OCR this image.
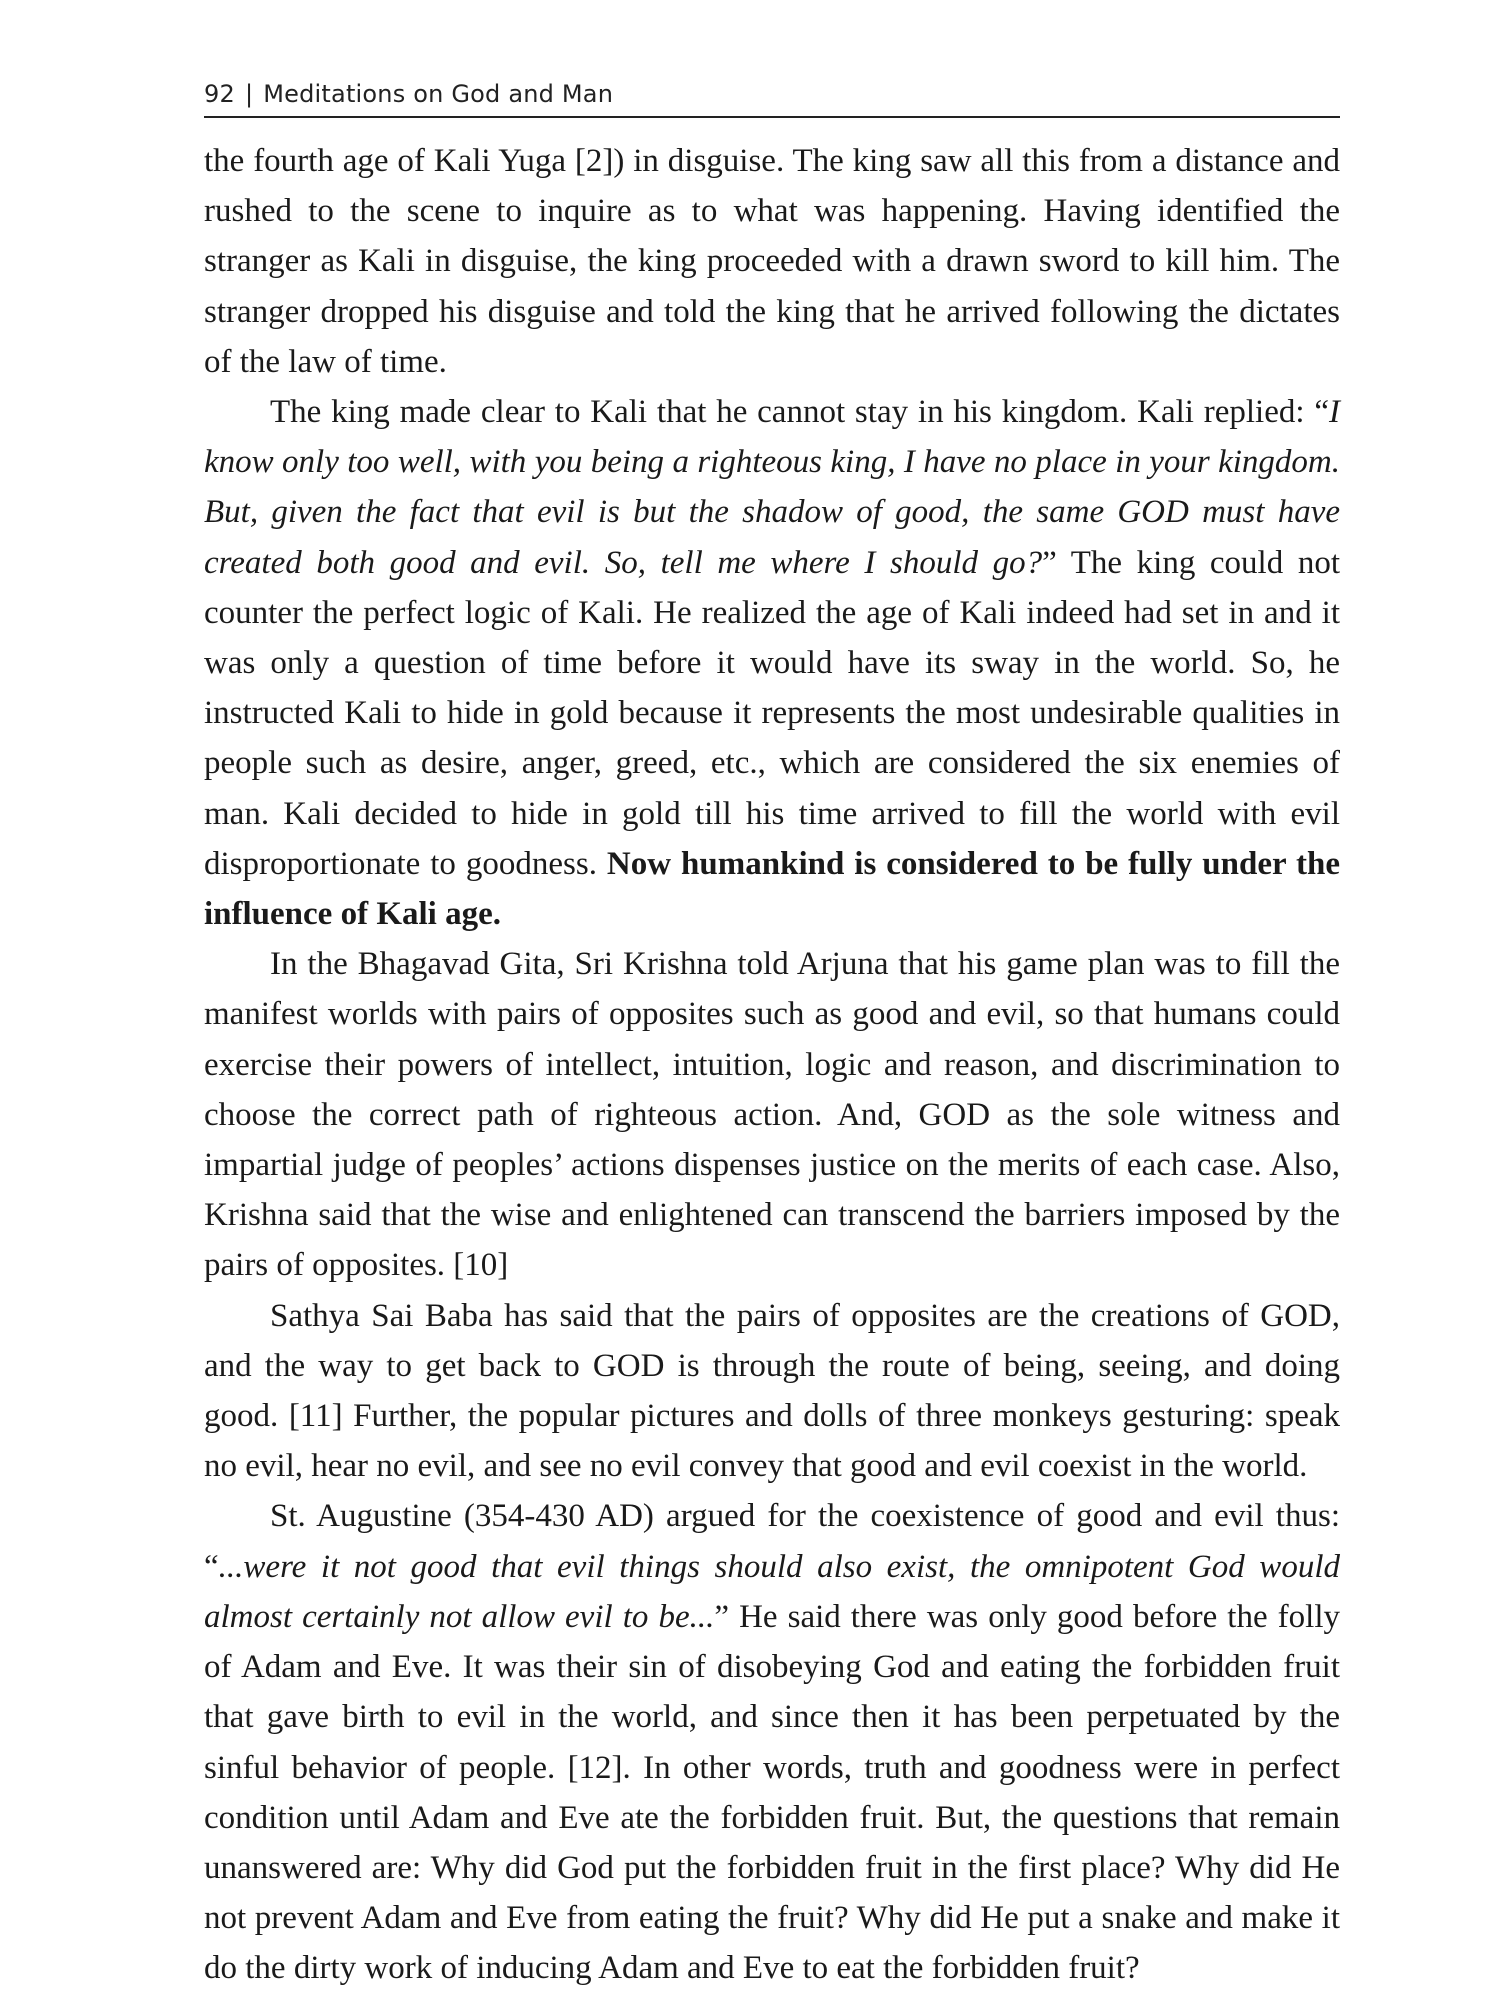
92 | Meditations on God and Man

the fourth age of Kali Yuga [2]) in disguise. The king saw all this from a distance and rushed to the scene to inquire as to what was happening. Having identified the stranger as Kali in disguise, the king proceeded with a drawn sword to kill him. The stranger dropped his disguise and told the king that he arrived following the dictates of the law of time.

The king made clear to Kali that he cannot stay in his kingdom. Kali replied: “I know only too well, with you being a righteous king, I have no place in your kingdom. But, given the fact that evil is but the shadow of good, the same GOD must have created both good and evil. So, tell me where I should go?” The king could not counter the perfect logic of Kali. He realized the age of Kali indeed had set in and it was only a question of time before it would have its sway in the world. So, he instructed Kali to hide in gold because it represents the most undesirable qualities in people such as desire, anger, greed, etc., which are considered the six enemies of man. Kali decided to hide in gold till his time arrived to fill the world with evil disproportionate to goodness. Now humankind is considered to be fully under the influence of Kali age.

In the Bhagavad Gita, Sri Krishna told Arjuna that his game plan was to fill the manifest worlds with pairs of opposites such as good and evil, so that humans could exercise their powers of intellect, intuition, logic and reason, and discrimination to choose the correct path of righteous action. And, GOD as the sole witness and impartial judge of peoples’ actions dispenses justice on the merits of each case. Also, Krishna said that the wise and enlightened can transcend the barriers imposed by the pairs of opposites. [10]

Sathya Sai Baba has said that the pairs of opposites are the creations of GOD, and the way to get back to GOD is through the route of being, seeing, and doing good. [11] Further, the popular pictures and dolls of three monkeys gesturing: speak no evil, hear no evil, and see no evil convey that good and evil coexist in the world.

St. Augustine (354-430 AD) argued for the coexistence of good and evil thus: “...were it not good that evil things should also exist, the omnipotent God would almost certainly not allow evil to be...” He said there was only good before the folly of Adam and Eve. It was their sin of disobeying God and eating the forbidden fruit that gave birth to evil in the world, and since then it has been perpetuated by the sinful behavior of people. [12]. In other words, truth and goodness were in perfect condition until Adam and Eve ate the forbidden fruit. But, the questions that remain unanswered are: Why did God put the forbidden fruit in the first place? Why did He not prevent Adam and Eve from eating the fruit? Why did He put a snake and make it do the dirty work of inducing Adam and Eve to eat the forbidden fruit?
